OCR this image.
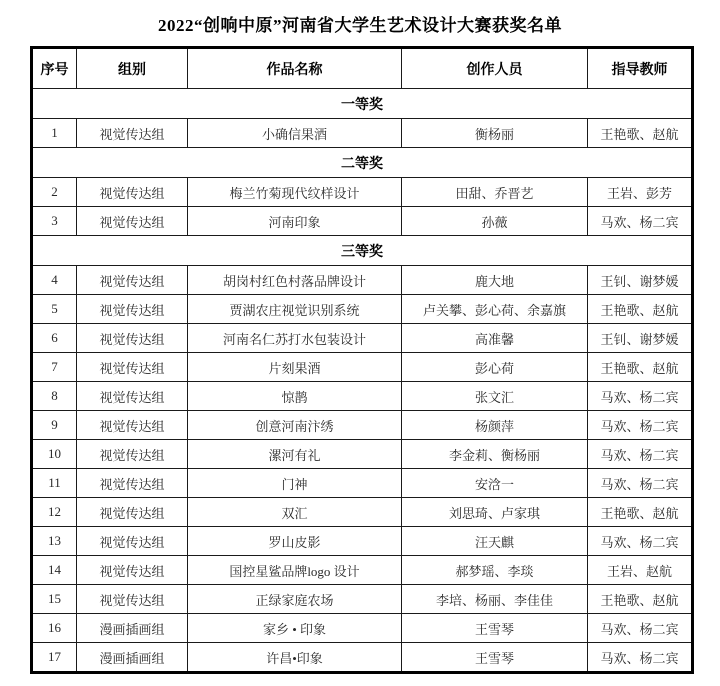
2022“创响中原”河南省大学生艺术设计大赛获奖名单
序号	组别	作品名称	创作人员	指导教师
一等奖				
1	视觉传达组	小确信果酒	衡杨丽	王艳歌、赵航
二等奖				
2	视觉传达组	梅兰竹菊现代纹样设计	田甜、乔晋艺	王岩、彭芳
3	视觉传达组	河南印象	孙薇	马欢、杨二宾
三等奖				
4	视觉传达组	胡岗村红色村落品牌设计	鹿大地	王钊、谢梦媛
5	视觉传达组	贾湖农庄视觉识别系统	卢关攀、彭心荷、余嘉旗	王艳歌、赵航
6	视觉传达组	河南名仁苏打水包装设计	高准馨	王钊、谢梦媛
7	视觉传达组	片刻果酒	彭心荷	王艳歌、赵航
8	视觉传达组	惊鹊	张文汇	马欢、杨二宾
9	视觉传达组	创意河南汴绣	杨颜萍	马欢、杨二宾
10	视觉传达组	漯河有礼	李金莉、衡杨丽	马欢、杨二宾
11	视觉传达组	门神	安浛一	马欢、杨二宾
12	视觉传达组	双汇	刘思琦、卢家琪	王艳歌、赵航
13	视觉传达组	罗山皮影	汪天麒	马欢、杨二宾
14	视觉传达组	国控星鲨品牌logo 设计	郝梦瑶、李琰	王岩、赵航
15	视觉传达组	正绿家庭农场	李培、杨丽、李佳佳	王艳歌、赵航
16	漫画插画组	家乡 • 印象	王雪琴	马欢、杨二宾
17	漫画插画组	许昌•印象	王雪琴	马欢、杨二宾
